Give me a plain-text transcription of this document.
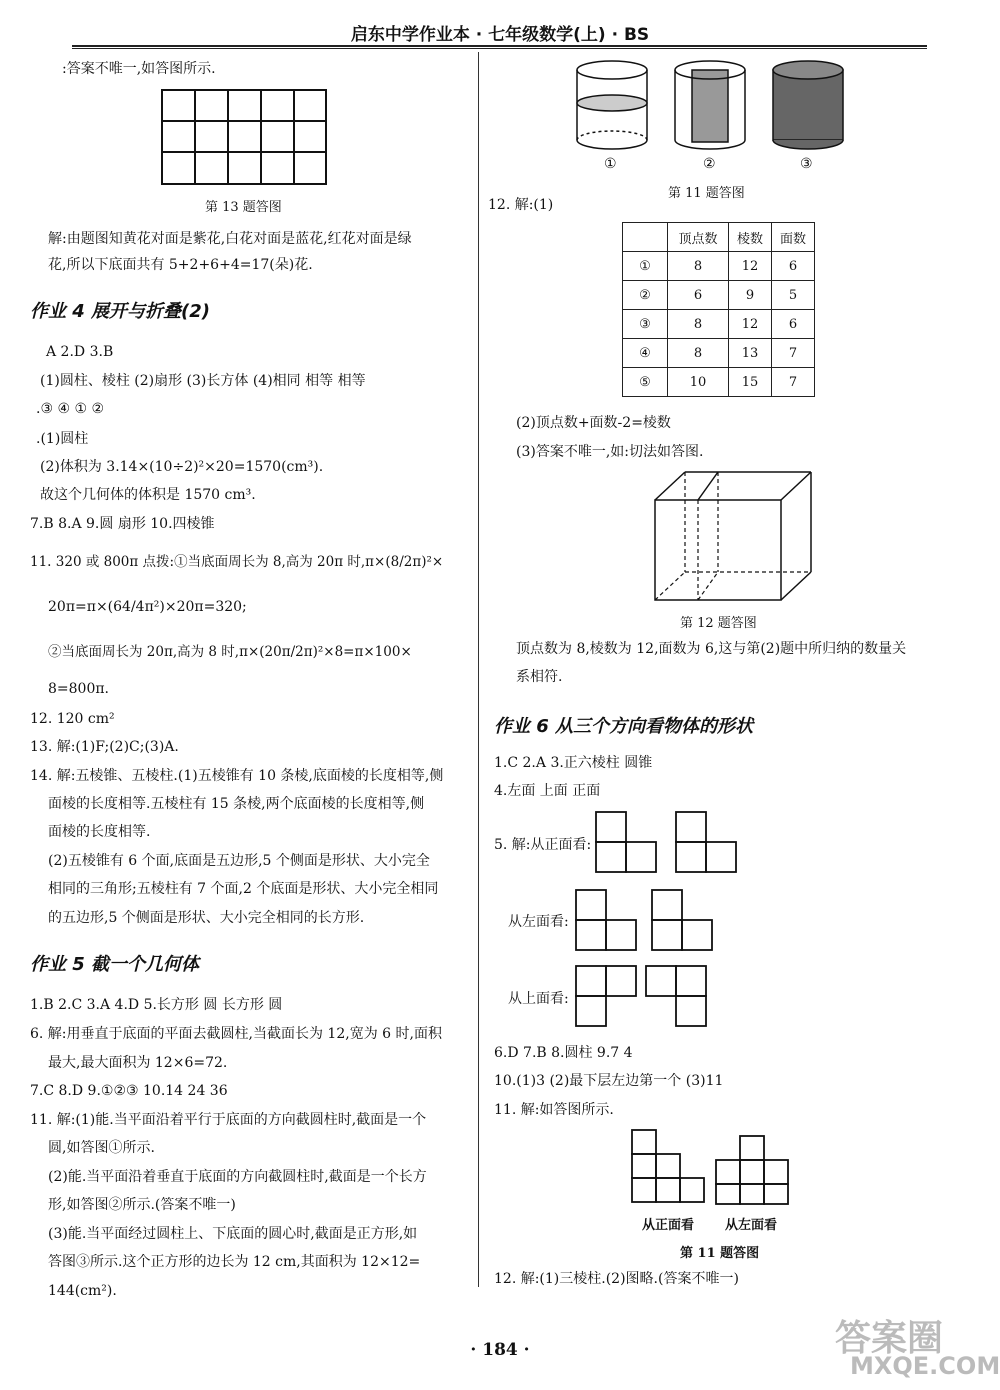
启东中学作业本 · 七年级数学(上) · BS
:答案不唯一,如答图所示.
第 13 题答图
解:由题图知黄花对面是紫花,白花对面是蓝花,红花对面是绿
花,所以下底面共有 5+2+6+4=17(朵)花.
作业 4 展开与折叠(2)
A 2.D 3.B
(1)圆柱、棱柱 (2)扇形 (3)长方体 (4)相同 相等 相等
.③ ④ ① ②
.(1)圆柱
(2)体积为 3.14×(10÷2)²×20=1570(cm³).
故这个几何体的体积是 1570 cm³.
7.B 8.A 9.圆 扇形 10.四棱锥
11. 320 或 800π 点拨:①当底面周长为 8,高为 20π 时,π×(8/2π)²×
20π=π×(64/4π²)×20π=320;
②当底面周长为 20π,高为 8 时,π×(20π/2π)²×8=π×100×
8=800π.
12. 120 cm²
13. 解:(1)F;(2)C;(3)A.
14. 解:五棱锥、五棱柱.(1)五棱锥有 10 条棱,底面棱的长度相等,侧
面棱的长度相等.五棱柱有 15 条棱,两个底面棱的长度相等,侧
面棱的长度相等.
(2)五棱锥有 6 个面,底面是五边形,5 个侧面是形状、大小完全
相同的三角形;五棱柱有 7 个面,2 个底面是形状、大小完全相同
的五边形,5 个侧面是形状、大小完全相同的长方形.
作业 5 截一个几何体
1.B 2.C 3.A 4.D 5.长方形 圆 长方形 圆
6. 解:用垂直于底面的平面去截圆柱,当截面长为 12,宽为 6 时,面积
最大,最大面积为 12×6=72.
7.C 8.D 9.①②③ 10.14 24 36
11. 解:(1)能.当平面沿着平行于底面的方向截圆柱时,截面是一个
圆,如答图①所示.
(2)能.当平面沿着垂直于底面的方向截圆柱时,截面是一个长方
形,如答图②所示.(答案不唯一)
(3)能.当平面经过圆柱上、下底面的圆心时,截面是正方形,如
答图③所示.这个正方形的边长为 12 cm,其面积为 12×12=
144(cm²).
①	②	③
第 11 题答图
12. 解:(1)
	顶点数	棱数	面数
①	8	12	6
②	6	9	5
③	8	12	6
④	8	13	7
⑤	10	15	7
(2)顶点数+面数-2=棱数
(3)答案不唯一,如:切法如答图.
第 12 题答图
顶点数为 8,棱数为 12,面数为 6,这与第(2)题中所归纳的数量关
系相符.
作业 6 从三个方向看物体的形状
1.C 2.A 3.正六棱柱 圆锥
4.左面 上面 正面
5. 解:从正面看:
从左面看:
从上面看:
6.D 7.B 8.圆柱 9.7 4
10.(1)3 (2)最下层左边第一个 (3)11
11. 解:如答图所示.
从正面看 从左面看
第 11 题答图
12. 解:(1)三棱柱.(2)图略.(答案不唯一)
· 184 ·	答案圈
MXQE.COM
